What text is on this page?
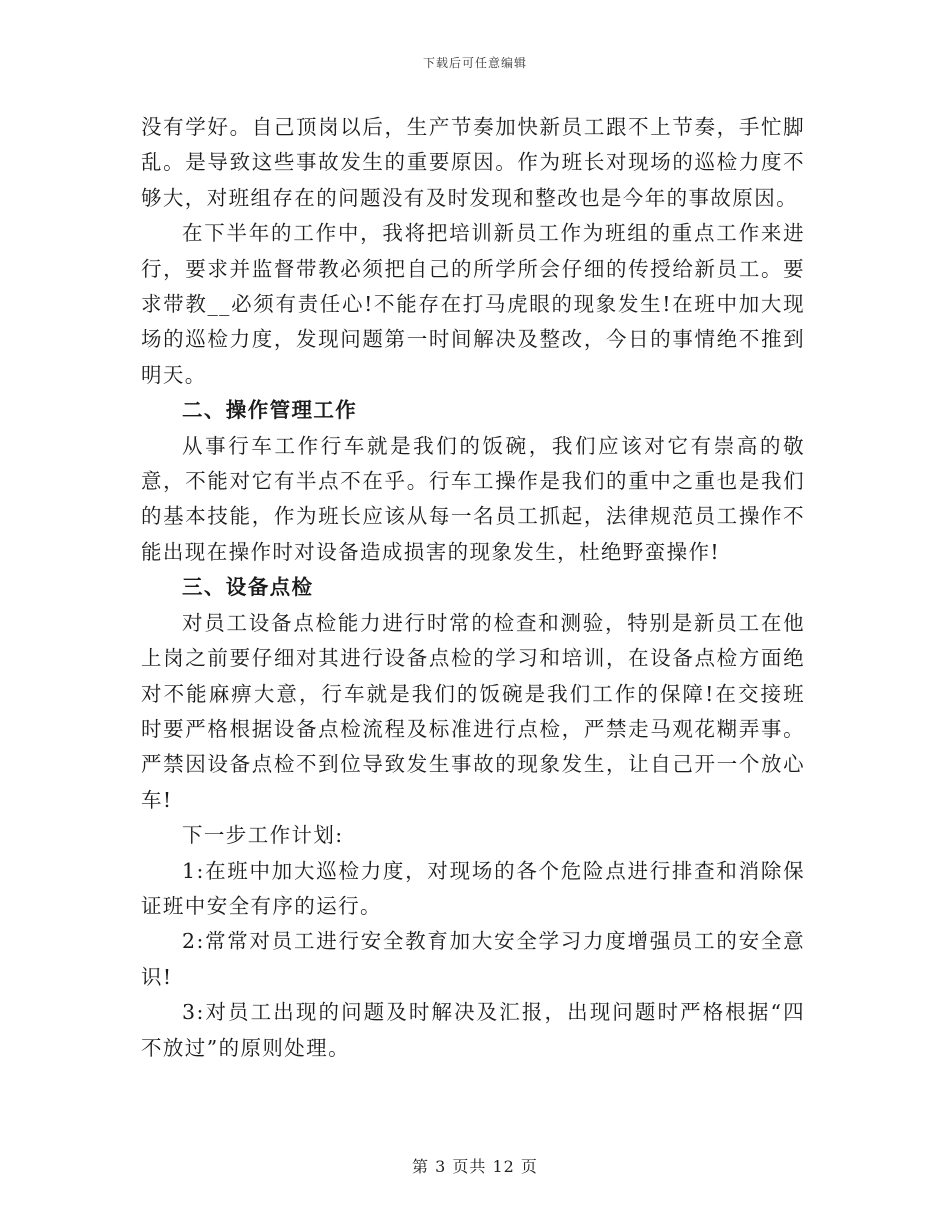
下载后可任意编辑

没有学好。自己顶岗以后，生产节奏加快新员工跟不上节奏，手忙脚乱。是导致这些事故发生的重要原因。作为班长对现场的巡检力度不够大，对班组存在的问题没有及时发现和整改也是今年的事故原因。

在下半年的工作中，我将把培训新员工作为班组的重点工作来进行，要求并监督带教必须把自己的所学所会仔细的传授给新员工。要求带教__必须有责任心!不能存在打马虎眼的现象发生!在班中加大现场的巡检力度，发现问题第一时间解决及整改，今日的事情绝不推到明天。

二、操作管理工作

从事行车工作行车就是我们的饭碗，我们应该对它有崇高的敬意，不能对它有半点不在乎。行车工操作是我们的重中之重也是我们的基本技能，作为班长应该从每一名员工抓起，法律规范员工操作不能出现在操作时对设备造成损害的现象发生，杜绝野蛮操作!

三、设备点检

对员工设备点检能力进行时常的检查和测验，特别是新员工在他上岗之前要仔细对其进行设备点检的学习和培训，在设备点检方面绝对不能麻痹大意，行车就是我们的饭碗是我们工作的保障!在交接班时要严格根据设备点检流程及标准进行点检，严禁走马观花糊弄事。严禁因设备点检不到位导致发生事故的现象发生，让自己开一个放心车!

下一步工作计划:

1:在班中加大巡检力度，对现场的各个危险点进行排查和消除保证班中安全有序的运行。

2:常常对员工进行安全教育加大安全学习力度增强员工的安全意识!

3:对员工出现的问题及时解决及汇报，出现问题时严格根据“四不放过”的原则处理。

第 3 页共 12 页
